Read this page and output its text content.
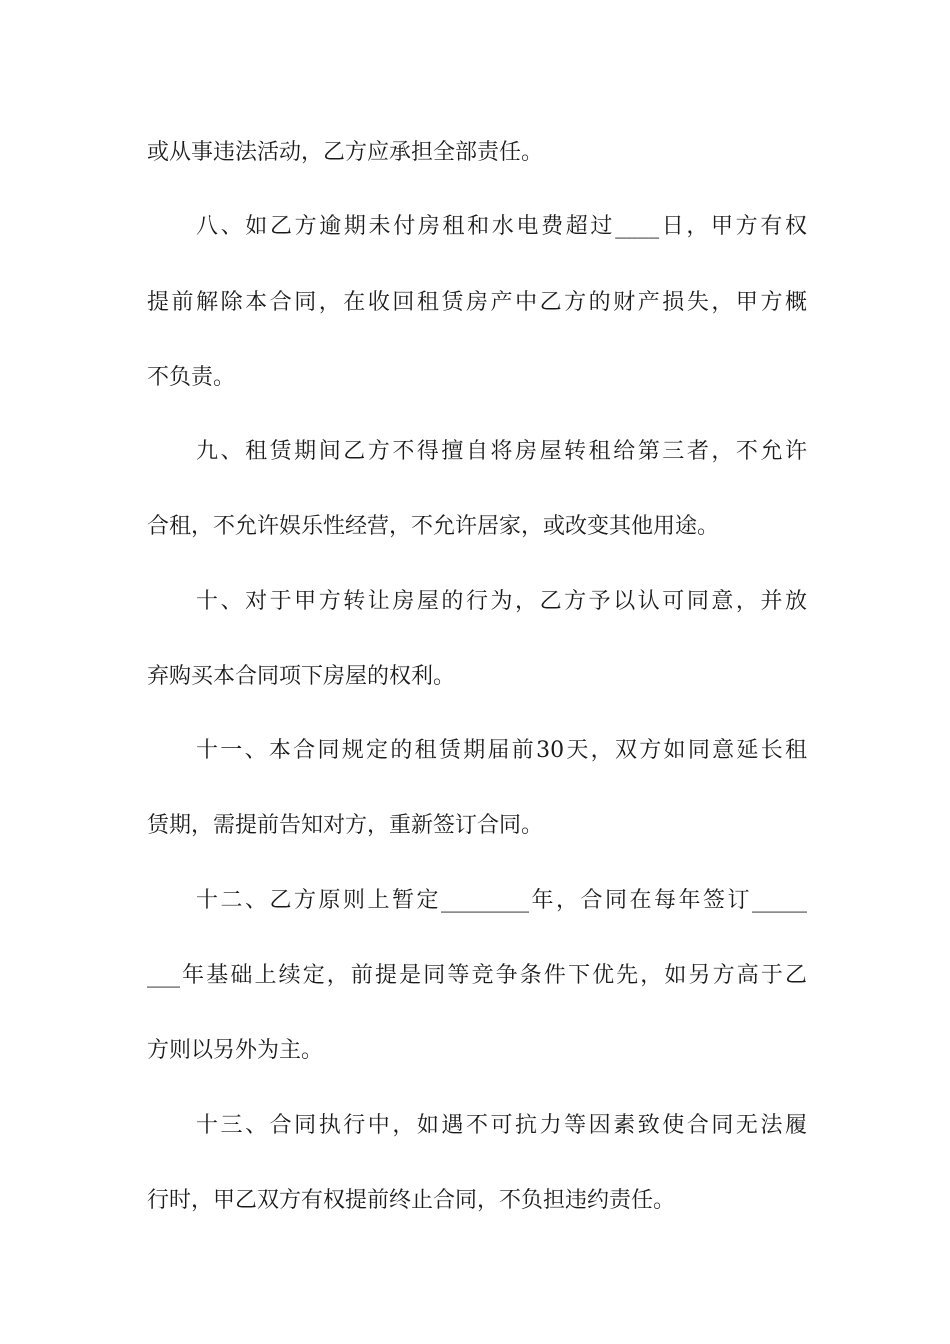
或从事违法活动，乙方应承担全部责任。
八、如乙方逾期未付房租和水电费超过____日，甲方有权
提前解除本合同，在收回租赁房产中乙方的财产损失，甲方概
不负责。
九、租赁期间乙方不得擅自将房屋转租给第三者，不允许
合租，不允许娱乐性经营，不允许居家，或改变其他用途。
十、对于甲方转让房屋的行为，乙方予以认可同意，并放
弃购买本合同项下房屋的权利。
十一、本合同规定的租赁期届前30天，双方如同意延长租
赁期，需提前告知对方，重新签订合同。
十二、乙方原则上暂定________年，合同在每年签订_____
___年基础上续定，前提是同等竞争条件下优先，如另方高于乙
方则以另外为主。
十三、合同执行中，如遇不可抗力等因素致使合同无法履
行时，甲乙双方有权提前终止合同，不负担违约责任。
